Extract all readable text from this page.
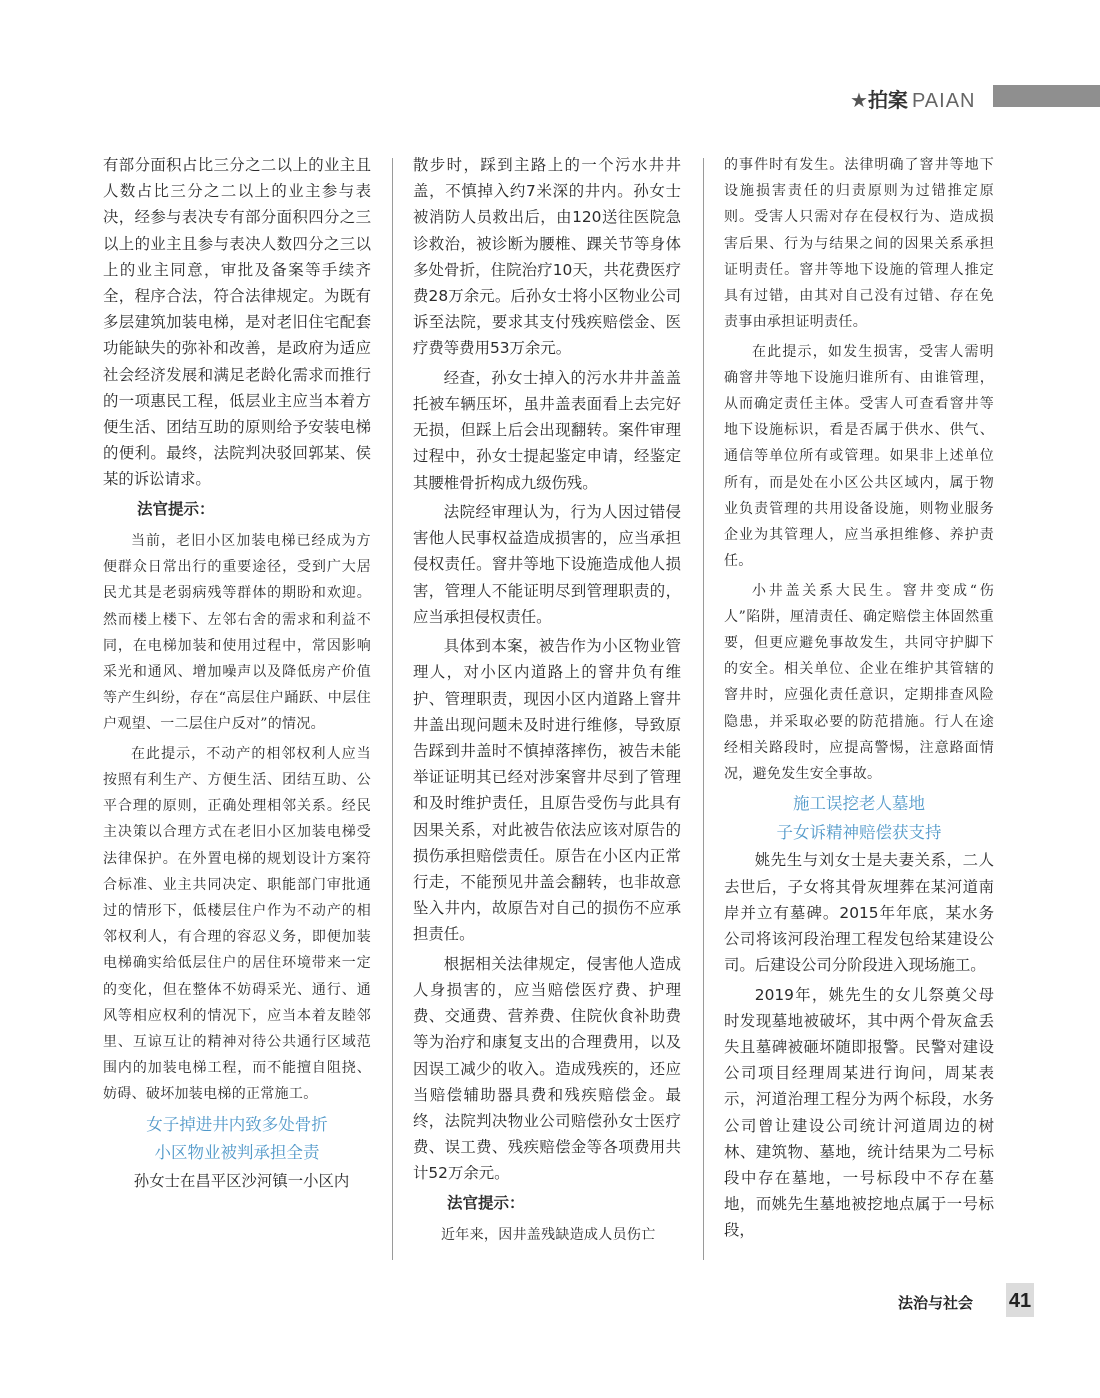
★拍案 PAIAN

有部分面积占比三分之二以上的业主且人数占比三分之二以上的业主参与表决，经参与表决专有部分面积四分之三以上的业主且参与表决人数四分之三以上的业主同意，审批及备案等手续齐全，程序合法，符合法律规定。为既有多层建筑加装电梯，是对老旧住宅配套功能缺失的弥补和改善，是政府为适应社会经济发展和满足老龄化需求而推行的一项惠民工程，低层业主应当本着方便生活、团结互助的原则给予安装电梯的便利。最终，法院判决驳回郭某、侯某的诉讼请求。

法官提示：

当前，老旧小区加装电梯已经成为方便群众日常出行的重要途径，受到广大居民尤其是老弱病残等群体的期盼和欢迎。然而楼上楼下、左邻右舍的需求和利益不同，在电梯加装和使用过程中，常因影响采光和通风、增加噪声以及降低房产价值等产生纠纷，存在“高层住户踊跃、中层住户观望、一二层住户反对”的情况。

在此提示，不动产的相邻权利人应当按照有利生产、方便生活、团结互助、公平合理的原则，正确处理相邻关系。经民主决策以合理方式在老旧小区加装电梯受法律保护。在外置电梯的规划设计方案符合标准、业主共同决定、职能部门审批通过的情形下，低楼层住户作为不动产的相邻权利人，有合理的容忍义务，即便加装电梯确实给低层住户的居住环境带来一定的变化，但在整体不妨碍采光、通行、通风等相应权利的情况下，应当本着友睦邻里、互谅互让的精神对待公共通行区域范围内的加装电梯工程，而不能擅自阻挠、妨碍、破坏加装电梯的正常施工。

女子掉进井内致多处骨折

小区物业被判承担全责

孙女士在昌平区沙河镇一小区内

散步时，踩到主路上的一个污水井井盖，不慎掉入约7米深的井内。孙女士被消防人员救出后，由120送往医院急诊救治，被诊断为腰椎、踝关节等身体多处骨折，住院治疗10天，共花费医疗费28万余元。后孙女士将小区物业公司诉至法院，要求其支付残疾赔偿金、医疗费等费用53万余元。

经查，孙女士掉入的污水井井盖盖托被车辆压坏，虽井盖表面看上去完好无损，但踩上后会出现翻转。案件审理过程中，孙女士提起鉴定申请，经鉴定其腰椎骨折构成九级伤残。

法院经审理认为，行为人因过错侵害他人民事权益造成损害的，应当承担侵权责任。窨井等地下设施造成他人损害，管理人不能证明尽到管理职责的，应当承担侵权责任。

具体到本案，被告作为小区物业管理人，对小区内道路上的窨井负有维护、管理职责，现因小区内道路上窨井井盖出现问题未及时进行维修，导致原告踩到井盖时不慎掉落摔伤，被告未能举证证明其已经对涉案窨井尽到了管理和及时维护责任，且原告受伤与此具有因果关系，对此被告依法应该对原告的损伤承担赔偿责任。原告在小区内正常行走，不能预见井盖会翻转，也非故意坠入井内，故原告对自己的损伤不应承担责任。

根据相关法律规定，侵害他人造成人身损害的，应当赔偿医疗费、护理费、交通费、营养费、住院伙食补助费等为治疗和康复支出的合理费用，以及因误工减少的收入。造成残疾的，还应当赔偿辅助器具费和残疾赔偿金。最终，法院判决物业公司赔偿孙女士医疗费、误工费、残疾赔偿金等各项费用共计52万余元。

法官提示：

近年来，因井盖残缺造成人员伤亡

的事件时有发生。法律明确了窨井等地下设施损害责任的归责原则为过错推定原则。受害人只需对存在侵权行为、造成损害后果、行为与结果之间的因果关系承担证明责任。窨井等地下设施的管理人推定具有过错，由其对自己没有过错、存在免责事由承担证明责任。

在此提示，如发生损害，受害人需明确窨井等地下设施归谁所有、由谁管理，从而确定责任主体。受害人可查看窨井等地下设施标识，看是否属于供水、供气、通信等单位所有或管理。如果非上述单位所有，而是处在小区公共区域内，属于物业负责管理的共用设备设施，则物业服务企业为其管理人，应当承担维修、养护责任。

小井盖关系大民生。窨井变成“伤人”陷阱，厘清责任、确定赔偿主体固然重要，但更应避免事故发生，共同守护脚下的安全。相关单位、企业在维护其管辖的窨井时，应强化责任意识，定期排查风险隐患，并采取必要的防范措施。行人在途经相关路段时，应提高警惕，注意路面情况，避免发生安全事故。

施工误挖老人墓地

子女诉精神赔偿获支持

姚先生与刘女士是夫妻关系，二人去世后，子女将其骨灰埋葬在某河道南岸并立有墓碑。2015年年底，某水务公司将该河段治理工程发包给某建设公司。后建设公司分阶段进入现场施工。

2019年，姚先生的女儿祭奠父母时发现墓地被破坏，其中两个骨灰盒丢失且墓碑被砸坏随即报警。民警对建设公司项目经理周某进行询问，周某表示，河道治理工程分为两个标段，水务公司曾让建设公司统计河道周边的树林、建筑物、墓地，统计结果为二号标段中存在墓地，一号标段中不存在墓地，而姚先生墓地被挖地点属于一号标段，

法治与社会 41
